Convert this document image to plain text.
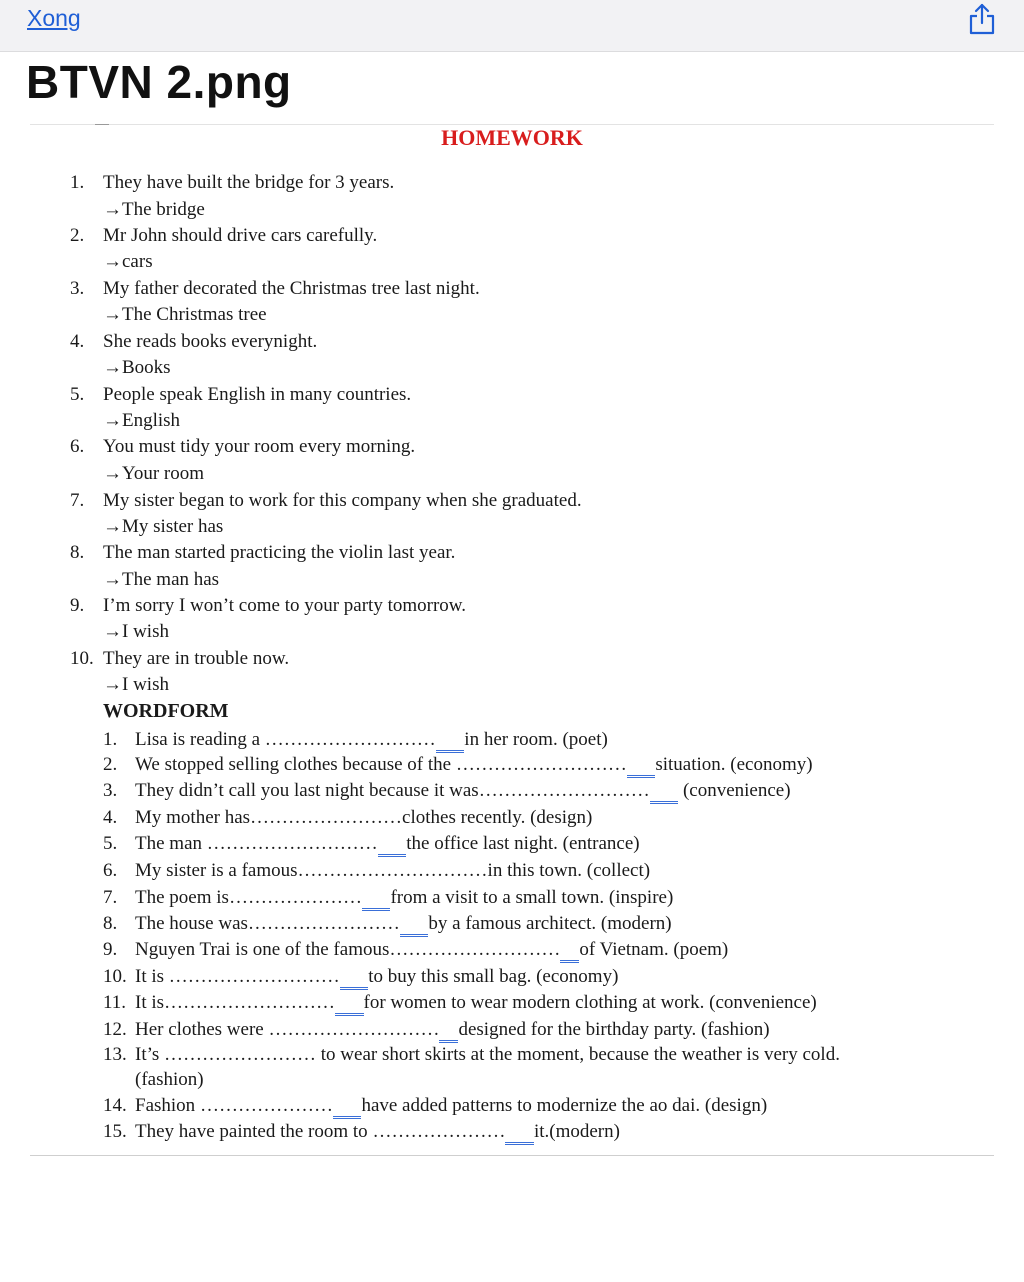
Xong
BTVN 2.png
HOMEWORK
1. They have built the bridge for 3 years.
→The bridge
2. Mr John should drive cars carefully.
→cars
3. My father decorated the Christmas tree last night.
→The Christmas tree
4. She reads books everynight.
→Books
5. People speak English in many countries.
→English
6. You must tidy your room every morning.
→Your room
7. My sister began to work for this company when she graduated.
→My sister has
8. The man started practicing the violin last year.
→The man has
9. I’m sorry I won’t come to your party tomorrow.
→I wish
10. They are in trouble now.
→I wish
WORDFORM
1. Lisa is reading a ……………………… in her room. (poet)
2. We stopped selling clothes because of the ……………………… situation. (economy)
3. They didn’t call you last night because it was………………………       (convenience)
4. My mother has……………………clothes recently. (design)
5. The man ……………………… the office last night. (entrance)
6. My sister is a famous…………………………in this town. (collect)
7. The poem is………………… from a visit to a small town. (inspire)
8. The house was…………………… by a famous architect. (modern)
9. Nguyen Trai is one of the famous……………………… of Vietnam. (poem)
10. It is ……………………… to buy this small bag. (economy)
11. It is……………………… for women to wear modern clothing at work. (convenience)
12. Her clothes were ……………………… designed for the birthday party. (fashion)
13. It’s …………………… to wear short skirts at the moment, because the weather is very cold.
(fashion)
14. Fashion ………………… have added patterns to modernize the ao dai. (design)
15. They have painted the room to ………………… it.(modern)
